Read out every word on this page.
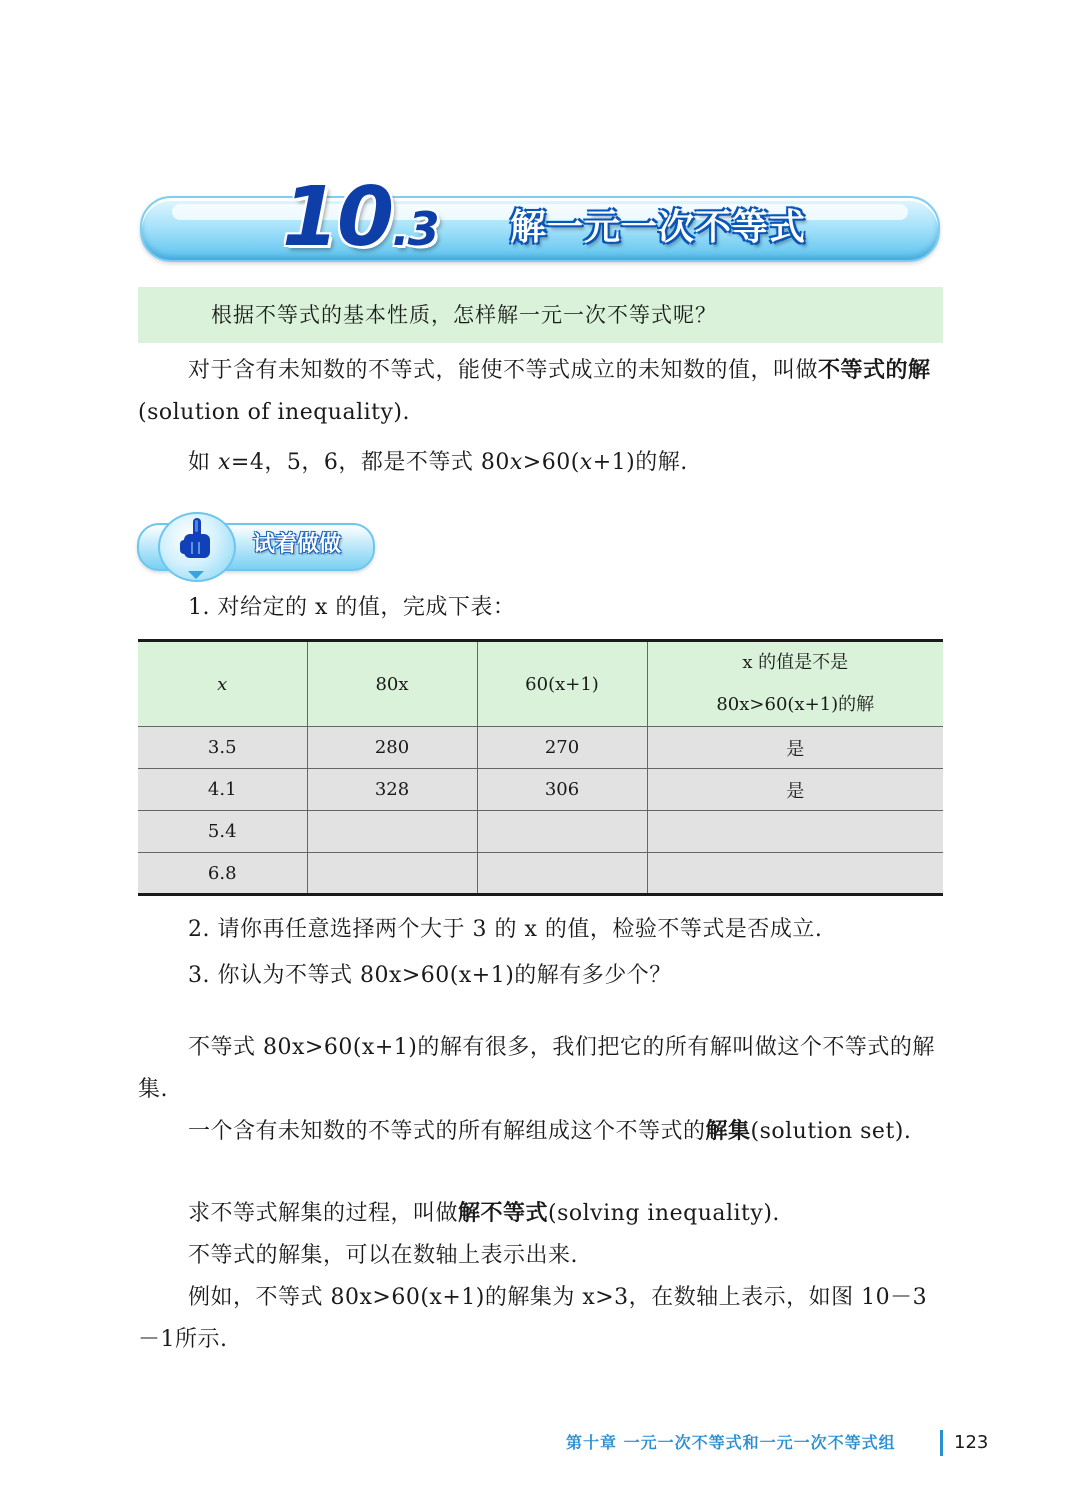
10.3	解一元一次不等式
根据不等式的基本性质，怎样解一元一次不等式呢？
对于含有未知数的不等式，能使不等式成立的未知数的值，叫做不等式的解(solution of inequality).
如 x=4，5，6，都是不等式 80x>60(x+1)的解.
试着做做
1. 对给定的 x 的值，完成下表：
x	80x	60(x+1)	x 的值是不是
80x>60(x+1)的解

3.5	280	270	是
4.1	328	306	是
5.4			
6.8			
2. 请你再任意选择两个大于 3 的 x 的值，检验不等式是否成立.
3. 你认为不等式 80x>60(x+1)的解有多少个？
不等式 80x>60(x+1)的解有很多，我们把它的所有解叫做这个不等式的解集.
一个含有未知数的不等式的所有解组成这个不等式的解集(solution set).
求不等式解集的过程，叫做解不等式(solving inequality).
不等式的解集，可以在数轴上表示出来.
例如，不等式 80x>60(x+1)的解集为 x>3，在数轴上表示，如图 10－3－1所示.
第十章 一元一次不等式和一元一次不等式组	123
